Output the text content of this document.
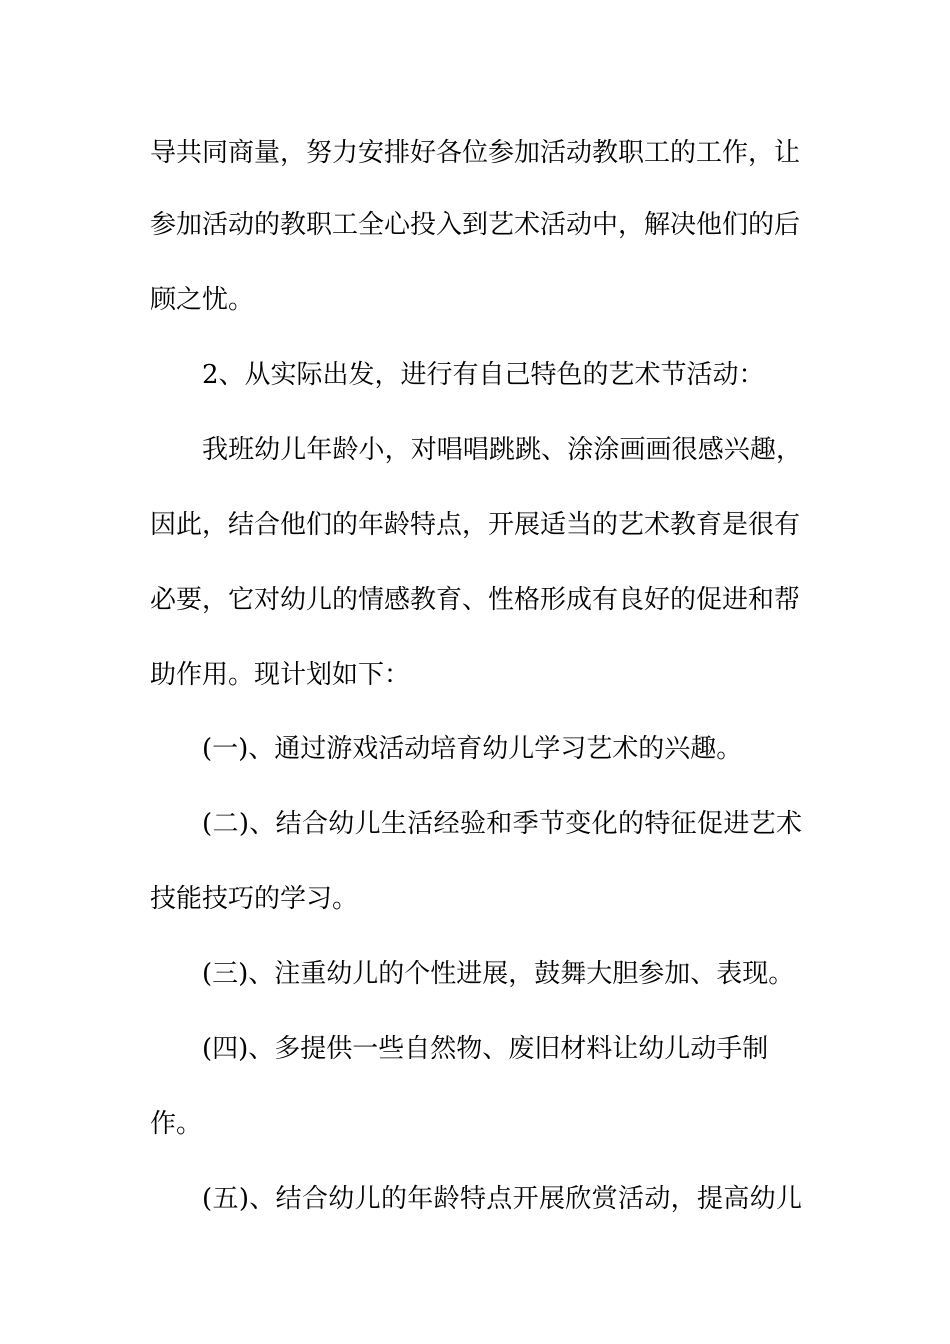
导共同商量，努力安排好各位参加活动教职工的工作，让
参加活动的教职工全心投入到艺术活动中，解决他们的后
顾之忧。
2、从实际出发，进行有自己特色的艺术节活动：
我班幼儿年龄小，对唱唱跳跳、涂涂画画很感兴趣，
因此，结合他们的年龄特点，开展适当的艺术教育是很有
必要，它对幼儿的情感教育、性格形成有良好的促进和帮
助作用。现计划如下：
(一)、通过游戏活动培育幼儿学习艺术的兴趣。
(二)、结合幼儿生活经验和季节变化的特征促进艺术
技能技巧的学习。
(三)、注重幼儿的个性进展，鼓舞大胆参加、表现。
(四)、多提供一些自然物、废旧材料让幼儿动手制
作。
(五)、结合幼儿的年龄特点开展欣赏活动，提高幼儿
